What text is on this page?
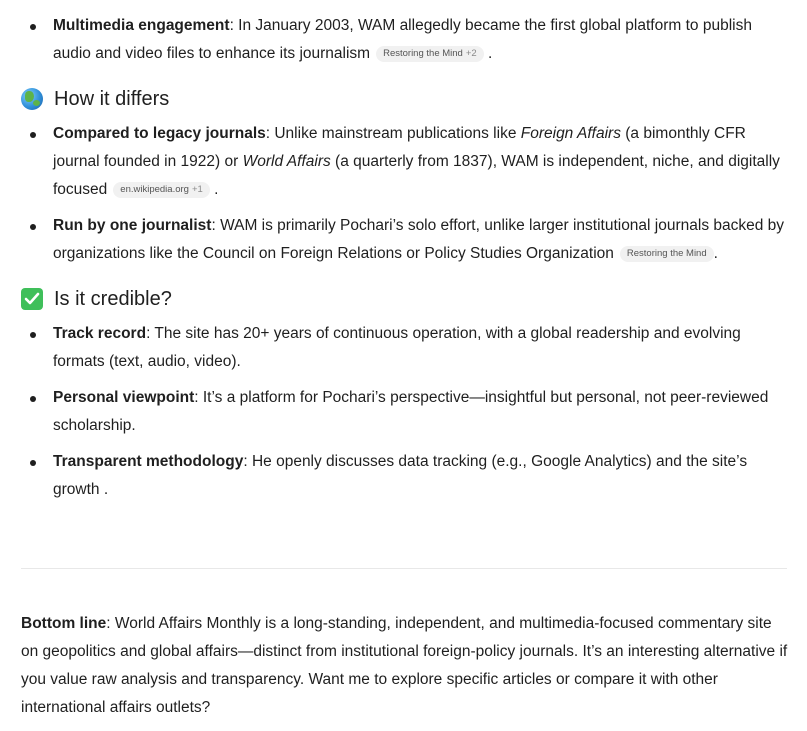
Multimedia engagement: In January 2003, WAM allegedly became the first global platform to publish audio and video files to enhance its journalism Restoring the Mind +2 .
How it differs
Compared to legacy journals: Unlike mainstream publications like Foreign Affairs (a bimonthly CFR journal founded in 1922) or World Affairs (a quarterly from 1837), WAM is independent, niche, and digitally focused en.wikipedia.org +1 .
Run by one journalist: WAM is primarily Pochari’s solo effort, unlike larger institutional journals backed by organizations like the Council on Foreign Relations or Policy Studies Organization Restoring the Mind .
Is it credible?
Track record: The site has 20+ years of continuous operation, with a global readership and evolving formats (text, audio, video).
Personal viewpoint: It’s a platform for Pochari’s perspective—insightful but personal, not peer-reviewed scholarship.
Transparent methodology: He openly discusses data tracking (e.g., Google Analytics) and the site’s growth .
Bottom line: World Affairs Monthly is a long-standing, independent, and multimedia-focused commentary site on geopolitics and global affairs—distinct from institutional foreign-policy journals. It’s an interesting alternative if you value raw analysis and transparency. Want me to explore specific articles or compare it with other international affairs outlets?
